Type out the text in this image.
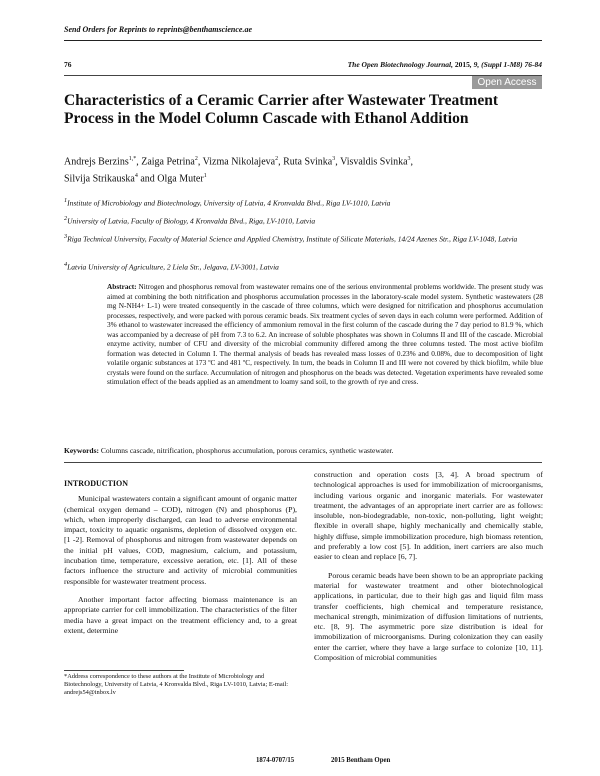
Send Orders for Reprints to reprints@benthamscience.ae
76	The Open Biotechnology Journal, 2015, 9, (Suppl 1-M8) 76-84
Open Access
Characteristics of a Ceramic Carrier after Wastewater Treatment Process in the Model Column Cascade with Ethanol Addition
Andrejs Berzins$^{1,*}$, Zaiga Petrina$^2$, Vizma Nikolajeva$^2$, Ruta Svinka$^3$, Visvaldis Svinka$^3$,
Silvija Strikauska$^4$ and Olga Muter$^1$
$^1$Institute of Microbiology and Biotechnology, University of Latvia, 4 Kronvalda Blvd., Riga LV-1010, Latvia
$^2$University of Latvia, Faculty of Biology, 4 Kronvalda Blvd., Riga, LV-1010, Latvia
$^3$Riga Technical University, Faculty of Material Science and Applied Chemistry, Institute of Silicate Materials, 14/24 Azenes Str., Riga LV-1048, Latvia
$^4$Latvia University of Agriculture, 2 Liela Str., Jelgava, LV-3001, Latvia
Abstract: Nitrogen and phosphorus removal from wastewater remains one of the serious environmental problems worldwide. The present study was aimed at combining the both nitrification and phosphorus accumulation processes in the laboratory-scale model system. Synthetic wastewaters (28 mg N-NH4+ L-1) were treated consequently in the cascade of three columns, which were designed for nitrification and phosphorus accumulation processes, respectively, and were packed with porous ceramic beads. Six treatment cycles of seven days in each column were performed. Addition of 3% ethanol to wastewater increased the efficiency of ammonium removal in the first column of the cascade during the 7 day period to 81.9 %, which was accompanied by a decrease of pH from 7.3 to 6.2. An increase of soluble phosphates was shown in Columns II and III of the cascade. Microbial enzyme activity, number of CFU and diversity of the microbial community differed among the three columns tested. The most active biofilm formation was detected in Column I. The thermal analysis of beads has revealed mass losses of 0.23% and 0.08%, due to decomposition of light volatile organic substances at 173 ºC and 481 ºC, respectively. In turn, the beads in Column II and III were not covered by thick biofilm, while blue crystals were found on the surface. Accumulation of nitrogen and phosphorus on the beads was detected. Vegetation experiments have revealed some stimulation effect of the beads applied as an amendment to loamy sand soil, to the growth of rye and cress.
Keywords: Columns cascade, nitrification, phosphorus accumulation, porous ceramics, synthetic wastewater.

INTRODUCTION

Municipal wastewaters contain a significant amount of organic matter (chemical oxygen demand – COD), nitrogen (N) and phosphorus (P), which, when improperly discharged, can lead to adverse environmental impact, toxicity to aquatic organisms, depletion of dissolved oxygen etc. [1 -2]. Removal of phosphorus and nitrogen from wastewater depends on the initial pH values, COD, magnesium, calcium, and potassium, incubation time, temperature, excessive aeration, etc. [1]. All of these factors influence the structure and activity of microbial communities responsible for wastewater treatment process.

Another important factor affecting biomass maintenance is an appropriate carrier for cell immobilization. The characteristics of the filter media have a great impact on the treatment efficiency and, to a great extent, determine

construction and operation costs [3, 4]. A broad spectrum of technological approaches is used for immobilization of microorganisms, including various organic and inorganic materials. For wastewater treatment, the advantages of an appropriate inert carrier are as follows: insoluble, non-biodegradable, non-toxic, non-polluting, light weight; flexible in overall shape, highly mechanically and chemically stable, highly diffuse, simple immobilization procedure, high biomass retention, and preferably a low cost [5]. In addition, inert carriers are also much easier to clean and replace [6, 7].

Porous ceramic beads have been shown to be an appropriate packing material for wastewater treatment and other biotechnological applications, in particular, due to their high gas and liquid film mass transfer coefficients, high chemical and temperature resistance, mechanical strength, minimization of diffusion limitations of nutrients, etc. [8, 9]. The asymmetric pore size distribution is ideal for immobilization of microorganisms. During colonization they can easily enter the carrier, where they have a large surface to colonize [10, 11]. Composition of microbial communities

*Address correspondence to these authors at the Institute of Microbiology and Biotechnology, University of Latvia, 4 Kronvalda Blvd., Riga LV-1010, Latvia; E-mail: andrejs54@inbox.lv
1874-0707/15	2015 Bentham Open
